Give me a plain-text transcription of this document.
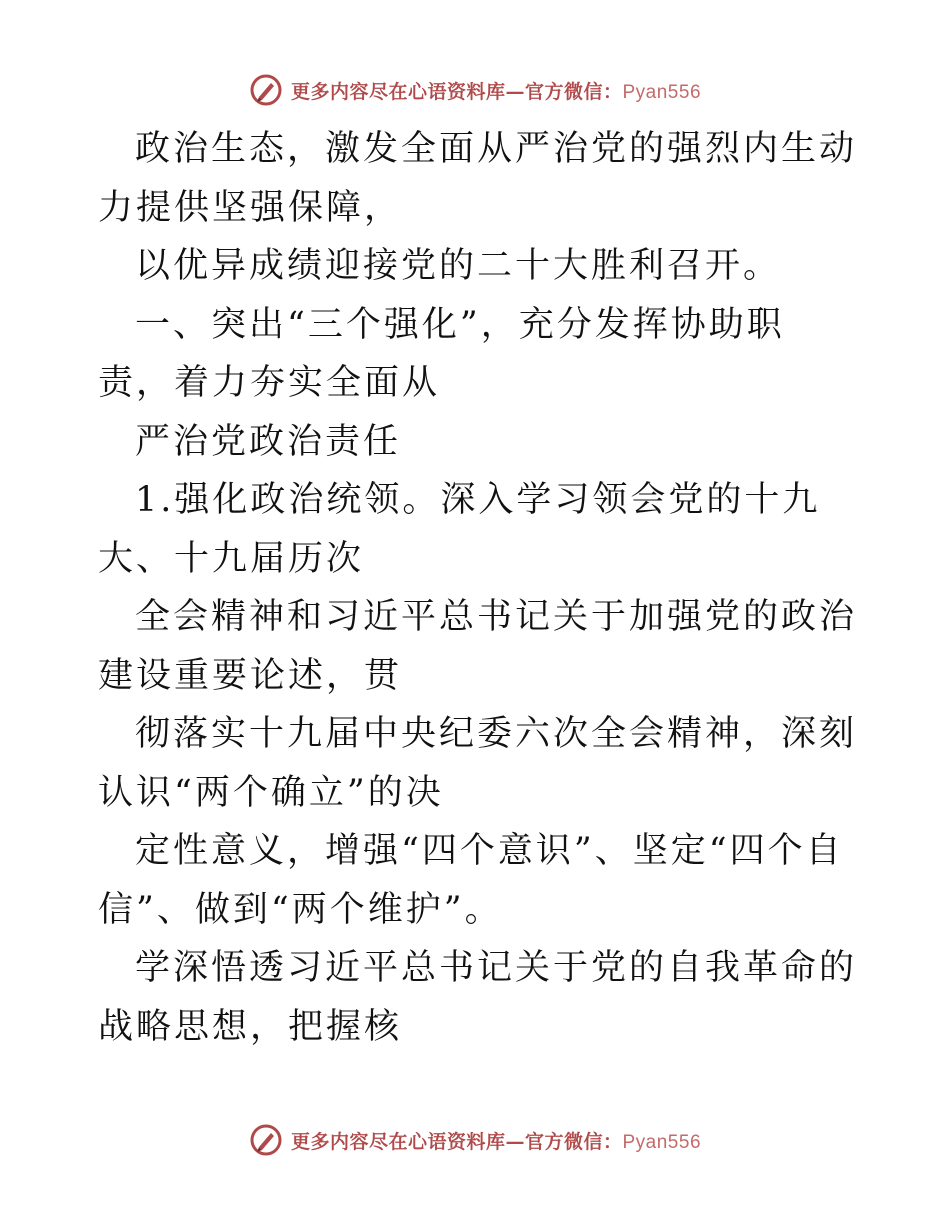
更多内容尽在心语资料库—官方微信：Pyan556

政治生态，激发全面从严治党的强烈内生动力提供坚强保障，

以优异成绩迎接党的二十大胜利召开。

一、突出“三个强化”，充分发挥协助职责，着力夯实全面从

严治党政治责任

1.强化政治统领。深入学习领会党的十九大、十九届历次

全会精神和习近平总书记关于加强党的政治建设重要论述，贯

彻落实十九届中央纪委六次全会精神，深刻认识“两个确立”的决

定性意义，增强“四个意识”、坚定“四个自信”、做到“两个维护”。

学深悟透习近平总书记关于党的自我革命的战略思想，把握核

更多内容尽在心语资料库—官方微信：Pyan556
